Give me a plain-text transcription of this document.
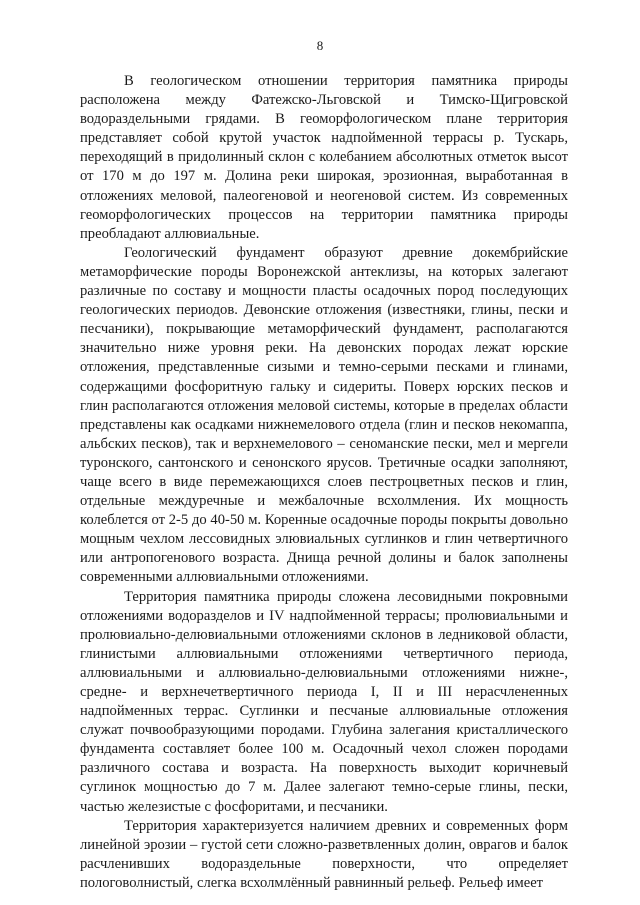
8

В геологическом отношении территория памятника природы расположена между Фатежско-Льговской и Тимско-Щигровской водораздельными грядами. В геоморфологическом плане территория представляет собой крутой участок надпойменной террасы р. Тускарь, переходящий в придолинный склон с колебанием абсолютных отметок высот от 170 м до 197 м. Долина реки широкая, эрозионная, выработанная в отложениях меловой, палеогеновой и неогеновой систем. Из современных геоморфологических процессов на территории памятника природы преобладают аллювиальные.

Геологический фундамент образуют древние докембрийские метаморфические породы Воронежской антеклизы, на которых залегают различные по составу и мощности пласты осадочных пород последующих геологических периодов. Девонские отложения (известняки, глины, пески и песчаники), покрывающие метаморфический фундамент, располагаются значительно ниже уровня реки. На девонских породах лежат юрские отложения, представленные сизыми и темно-серыми песками и глинами, содержащими фосфоритную гальку и сидериты. Поверх юрских песков и глин располагаются отложения меловой системы, которые в пределах области представлены как осадками нижнемелового отдела (глин и песков некомаппа, альбских песков), так и верхнемелового – сеноманские пески, мел и мергели туронского, сантонского и сенонского ярусов. Третичные осадки заполняют, чаще всего в виде перемежающихся слоев пестроцветных песков и глин, отдельные междуречные и межбалочные всхолмления. Их мощность колеблется от 2-5 до 40-50 м. Коренные осадочные породы покрыты довольно мощным чехлом лессовидных элювиальных суглинков и глин четвертичного или антропогенового возраста. Днища речной долины и балок заполнены современными аллювиальными отложениями.

Территория памятника природы сложена лесовидными покровными отложениями водоразделов и IV надпойменной террасы; пролювиальными и пролювиально-делювиальными отложениями склонов в ледниковой области, глинистыми аллювиальными отложениями четвертичного периода, аллювиальными и аллювиально-делювиальными отложениями нижне-, средне- и верхнечетвертичного периода I, II и III нерасчлененных надпойменных террас. Суглинки и песчаные аллювиальные отложения служат почвообразующими породами. Глубина залегания кристаллического фундамента составляет более 100 м. Осадочный чехол сложен породами различного состава и возраста. На поверхность выходит коричневый суглинок мощностью до 7 м. Далее залегают темно-серые глины, пески, частью железистые с фосфоритами, и песчаники.

Территория характеризуется наличием древних и современных форм линейной эрозии – густой сети сложно-разветвленных долин, оврагов и балок расчленивших водораздельные поверхности, что определяет пологоволнистый, слегка всхолмлённый равнинный рельеф. Рельеф имеет
